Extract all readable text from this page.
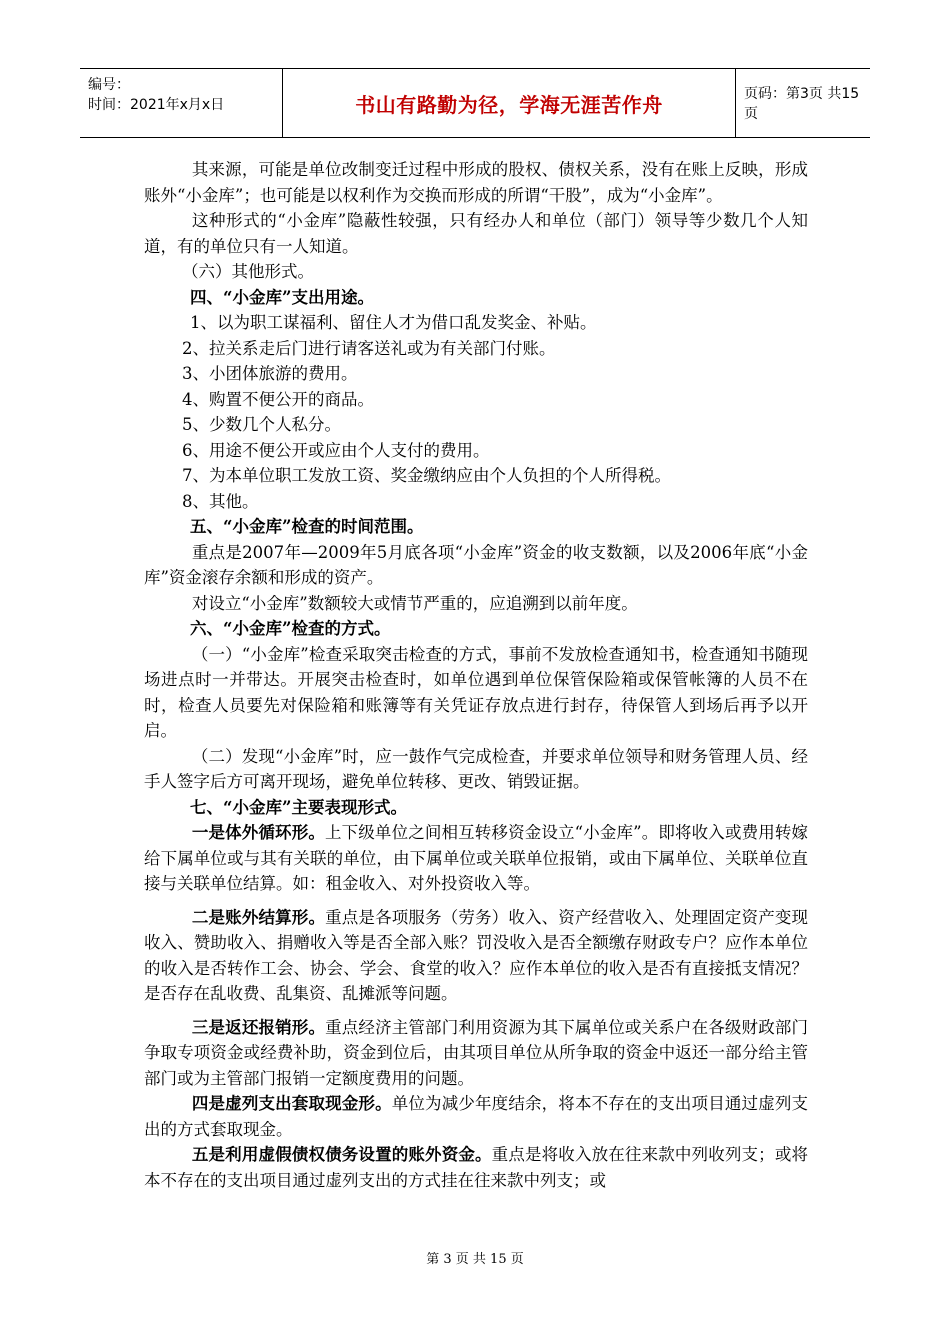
编号：
时间：2021年x月x日	书山有路勤为径，学海无涯苦作舟	页码：第3页 共15页

其来源，可能是单位改制变迁过程中形成的股权、债权关系，没有在账上反映，形成账外“小金库”；也可能是以权利作为交换而形成的所谓“干股”，成为“小金库”。

这种形式的“小金库”隐蔽性较强，只有经办人和单位（部门）领导等少数几个人知道，有的单位只有一人知道。

（六）其他形式。

四、“小金库”支出用途。

1、以为职工谋福利、留住人才为借口乱发奖金、补贴。

2、拉关系走后门进行请客送礼或为有关部门付账。

3、小团体旅游的费用。

4、购置不便公开的商品。

5、少数几个人私分。

6、用途不便公开或应由个人支付的费用。

7、为本单位职工发放工资、奖金缴纳应由个人负担的个人所得税。

8、其他。

五、“小金库”检查的时间范围。

重点是2007年—2009年5月底各项“小金库”资金的收支数额，以及2006年底“小金库”资金滚存余额和形成的资产。

对设立“小金库”数额较大或情节严重的，应追溯到以前年度。

六、“小金库”检查的方式。

（一）“小金库”检查采取突击检查的方式，事前不发放检查通知书，检查通知书随现场进点时一并带达。开展突击检查时，如单位遇到单位保管保险箱或保管帐簿的人员不在时，检查人员要先对保险箱和账簿等有关凭证存放点进行封存，待保管人到场后再予以开启。

（二）发现“小金库”时，应一鼓作气完成检查，并要求单位领导和财务管理人员、经手人签字后方可离开现场，避免单位转移、更改、销毁证据。

七、“小金库”主要表现形式。

一是体外循环形。上下级单位之间相互转移资金设立“小金库”。即将收入或费用转嫁给下属单位或与其有关联的单位，由下属单位或关联单位报销，或由下属单位、关联单位直接与关联单位结算。如：租金收入、对外投资收入等。

二是账外结算形。重点是各项服务（劳务）收入、资产经营收入、处理固定资产变现收入、赞助收入、捐赠收入等是否全部入账？罚没收入是否全额缴存财政专户？应作本单位的收入是否转作工会、协会、学会、食堂的收入？应作本单位的收入是否有直接抵支情况？是否存在乱收费、乱集资、乱摊派等问题。

三是返还报销形。重点经济主管部门利用资源为其下属单位或关系户在各级财政部门争取专项资金或经费补助，资金到位后，由其项目单位从所争取的资金中返还一部分给主管部门或为主管部门报销一定额度费用的问题。

四是虚列支出套取现金形。单位为减少年度结余，将本不存在的支出项目通过虚列支出的方式套取现金。

五是利用虚假债权债务设置的账外资金。重点是将收入放在往来款中列收列支；或将本不存在的支出项目通过虚列支出的方式挂在往来款中列支；或

第 3 页 共 15 页
